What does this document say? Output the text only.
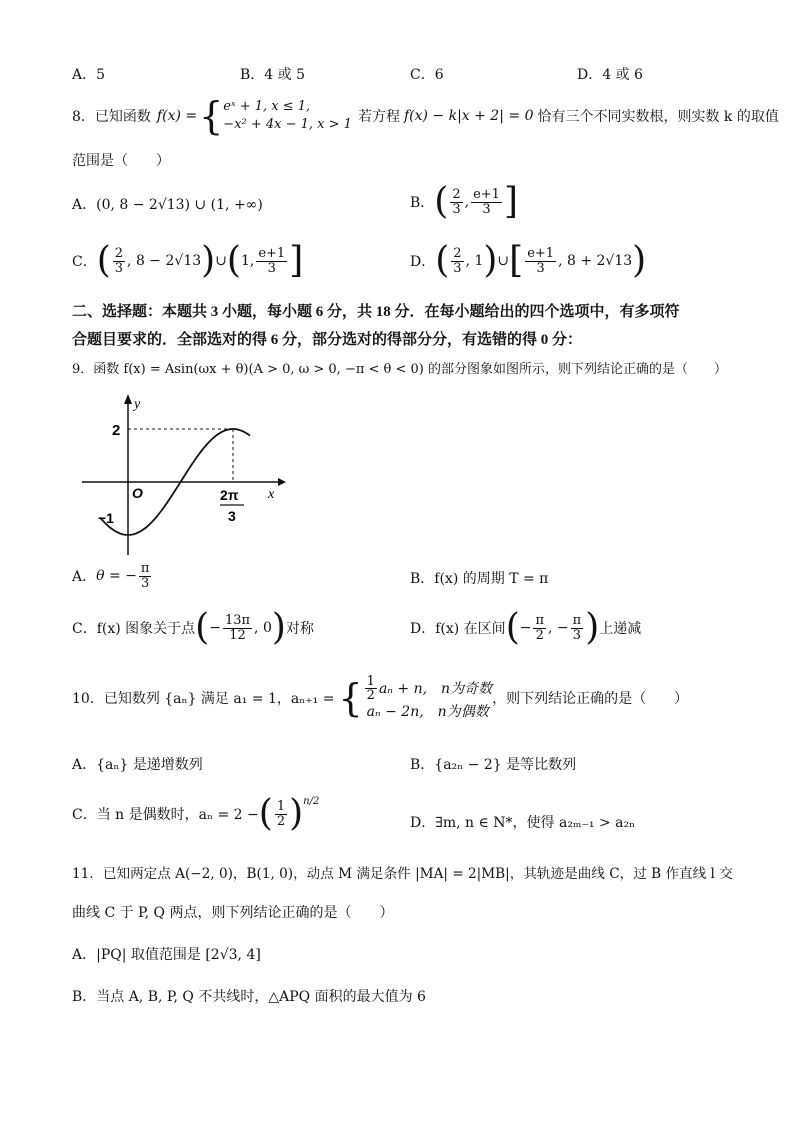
A．5	B．4 或 5	C．6	D．4 或 6
8．已知函数 f(x) = { eˣ + 1, x ≤ 1,
−x² + 4x − 1, x > 1 若方程 f(x) − k|x + 2| = 0 恰有三个不同实数根，则实数 k 的取值
范围是（　　）
A．(0, 8 − 2√13) ∪ (1, +∞)	B． ( $\frac{2}{3}$ , $\frac{e+1}{3}$ ]
C． ( $\frac{2}{3}$ , 8 − 2√13 ) ∪ ( 1, $\frac{e+1}{3}$ ]	D． ( $\frac{2}{3}$ , 1 ) ∪ [ $\frac{e+1}{3}$ , 8 + 2√13 )
二、选择题：本题共 3 小题，每小题 6 分，共 18 分．在每小题给出的四个选项中，有多项符
合题目要求的．全部选对的得 6 分，部分选对的得部分分，有选错的得 0 分：
9．函数 f(x) = Asin(ωx + θ)(A > 0, ω > 0, −π < θ < 0) 的部分图象如图所示，则下列结论正确的是（　　）
y
x
O
2
−1
2π
3
A． θ = − $\frac{\pi}{3}$	B．f(x) 的周期 T = π
C．f(x) 图象关于点 ( − $\frac{13\pi}{12}$ , 0 ) 对称	D．f(x) 在区间 ( − $\frac{\pi}{2}$ , − $\frac{\pi}{3}$ ) 上递减
10．已知数列 {aₙ} 满足 a₁ = 1，aₙ₊₁ = { $\frac{1}{2}$ aₙ + n,　n为奇数
aₙ − 2n,　n为偶数
，则下列结论正确的是（　　）
A．{aₙ} 是递增数列	B．{a₂ₙ − 2} 是等比数列
C．当 n 是偶数时，aₙ = 2 − ( $\frac{1}{2} )^{n/2}$
D．∃m, n ∈ N*，使得 a₂ₘ₋₁ > a₂ₙ
11．已知两定点 A(−2, 0)，B(1, 0)，动点 M 满足条件 |MA| = 2|MB|，其轨迹是曲线 C，过 B 作直线 l 交
曲线 C 于 P, Q 两点，则下列结论正确的是（　　）
A．|PQ| 取值范围是 [2√3, 4]
B．当点 A, B, P, Q 不共线时，△APQ 面积的最大值为 6
